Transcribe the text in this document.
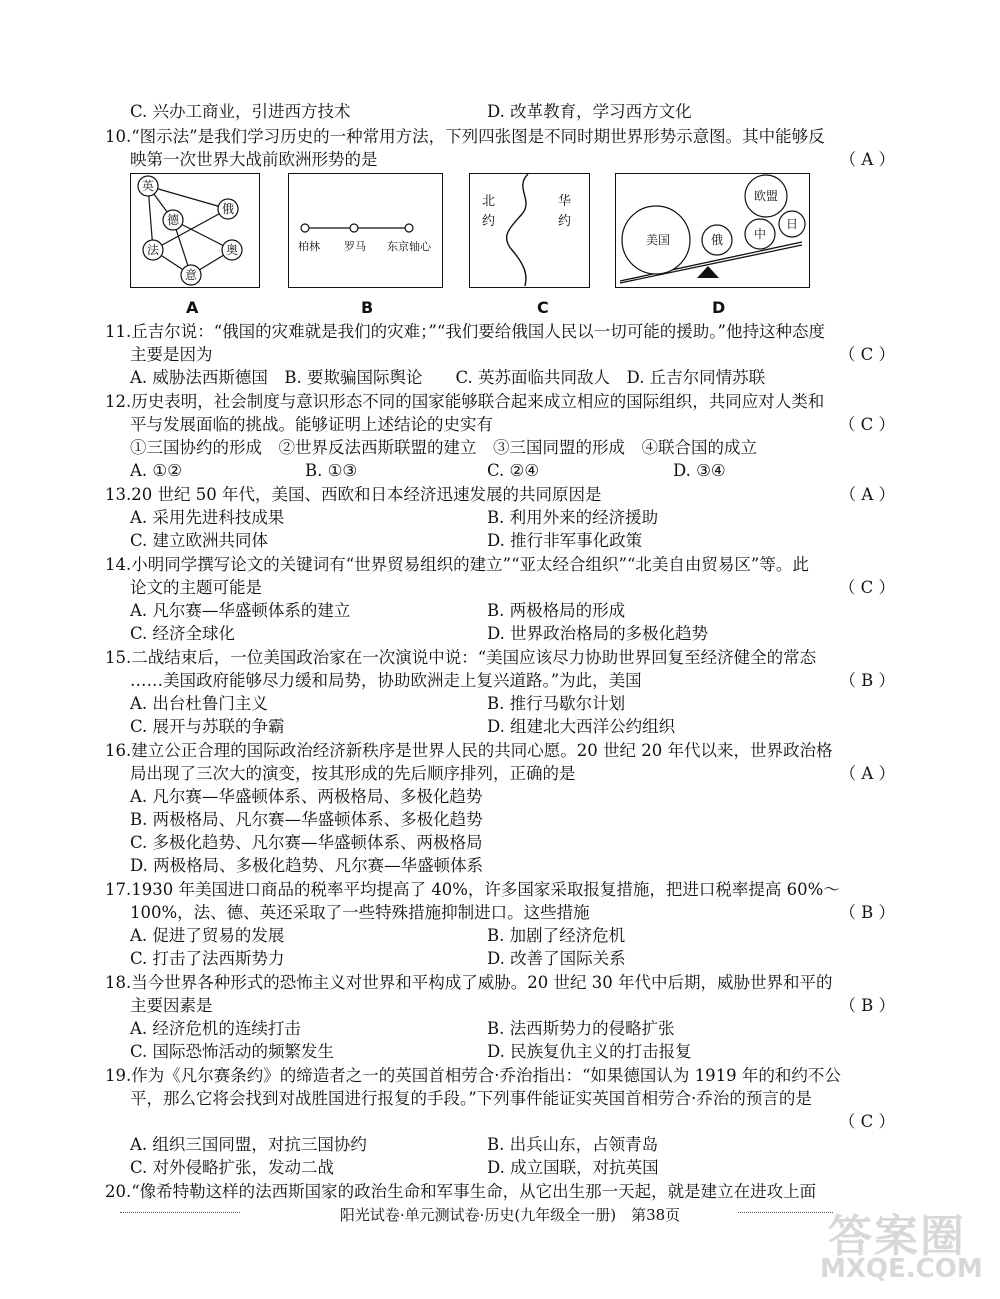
C. 兴办工商业，引进西方技术	D. 改革教育，学习西方文化
10.“图示法”是我们学习历史的一种常用方法，下列四张图是不同时期世界形势示意图。其中能够反
映第一次世界大战前欧洲形势的是
11.丘吉尔说：“俄国的灾难就是我们的灾难；”“我们要给俄国人民以一切可能的援助。”他持这种态度
主要是因为
A. 威胁法西斯德国　B. 要欺骗国际舆论　　C. 英苏面临共同敌人　D. 丘吉尔同情苏联
12.历史表明，社会制度与意识形态不同的国家能够联合起来成立相应的国际组织，共同应对人类和
平与发展面临的挑战。能够证明上述结论的史实有
①三国协约的形成　②世界反法西斯联盟的建立　③三国同盟的形成　④联合国的成立
A. ①②	B. ①③	C. ②④	D. ③④
13.20 世纪 50 年代，美国、西欧和日本经济迅速发展的共同原因是
A. 采用先进科技成果	B. 利用外来的经济援助
C. 建立欧洲共同体	D. 推行非军事化政策
14.小明同学撰写论文的关键词有“世界贸易组织的建立”“亚太经合组织”“北美自由贸易区”等。此
论文的主题可能是
A. 凡尔赛—华盛顿体系的建立	B. 两极格局的形成
C. 经济全球化	D. 世界政治格局的多极化趋势
15.二战结束后，一位美国政治家在一次演说中说：“美国应该尽力协助世界回复至经济健全的常态
……美国政府能够尽力缓和局势，协助欧洲走上复兴道路。”为此，美国
A. 出台杜鲁门主义	B. 推行马歇尔计划
C. 展开与苏联的争霸	D. 组建北大西洋公约组织
16.建立公正合理的国际政治经济新秩序是世界人民的共同心愿。20 世纪 20 年代以来，世界政治格
局出现了三次大的演变，按其形成的先后顺序排列，正确的是
A. 凡尔赛—华盛顿体系、两极格局、多极化趋势
B. 两极格局、凡尔赛—华盛顿体系、多极化趋势
C. 多极化趋势、凡尔赛—华盛顿体系、两极格局
D. 两极格局、多极化趋势、凡尔赛—华盛顿体系
17.1930 年美国进口商品的税率平均提高了 40%，许多国家采取报复措施，把进口税率提高 60%～
100%，法、德、英还采取了一些特殊措施抑制进口。这些措施
A. 促进了贸易的发展	B. 加剧了经济危机
C. 打击了法西斯势力	D. 改善了国际关系
18.当今世界各种形式的恐怖主义对世界和平构成了威胁。20 世纪 30 年代中后期，威胁世界和平的
主要因素是
A. 经济危机的连续打击	B. 法西斯势力的侵略扩张
C. 国际恐怖活动的频繁发生	D. 民族复仇主义的打击报复
19.作为《凡尔赛条约》的缔造者之一的英国首相劳合·乔治指出：“如果德国认为 1919 年的和约不公
平，那么它将会找到对战胜国进行报复的手段。”下列事件能证实英国首相劳合·乔治的预言的是
A. 组织三国同盟，对抗三国协约	B. 出兵山东，占领青岛
C. 对外侵略扩张，发动二战	D. 成立国联，对抗英国
20.“像希特勒这样的法西斯国家的政治生命和军事生命，从它出生那一天起，就是建立在进攻上面
（ A ）
（ C ）
（ C ）
（ A ）
（ C ）
（ B ）
（ A ）
（ B ）
（ B ）
（ C ）
英
俄
德
法	奥
意
A
柏林 罗马 东京轴心
B
北
约
华
约
C
美国	俄	中
欧盟
日
D
阳光试卷·单元测试卷·历史(九年级全一册)　第38页	答案圈
MXQE.COM
